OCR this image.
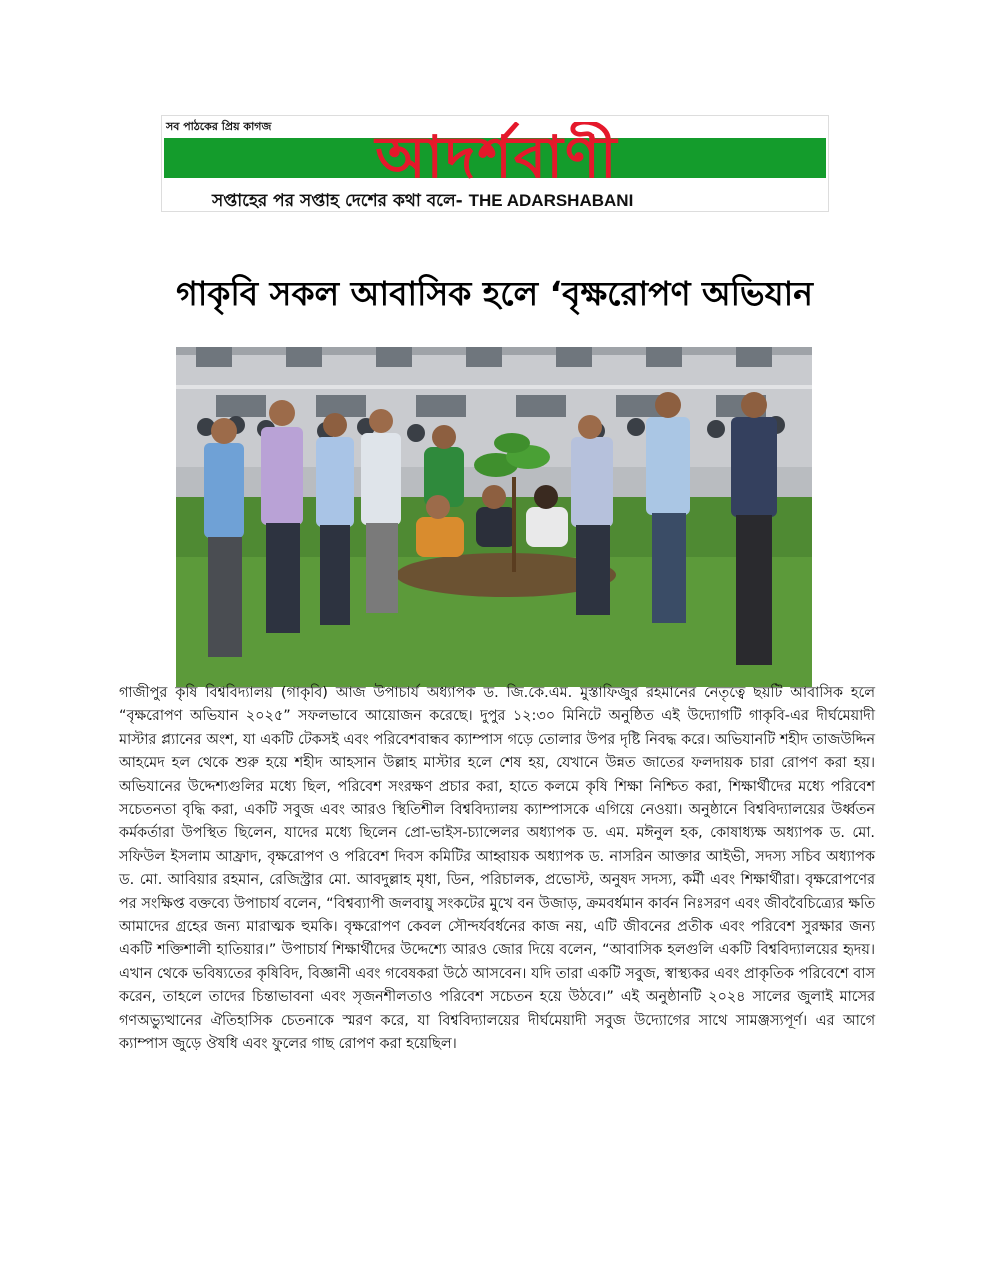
সব পাঠকের প্রিয় কাগজ	আদর্শবাণী
সপ্তাহের পর সপ্তাহ দেশের কথা বলে- THE ADARSHABANI
গাকৃবি সকল আবাসিক হলে ‘বৃক্ষরোপণ অভিযান

গাজীপুর কৃষি বিশ্ববিদ্যালয় (গাকৃবি) আজ উপাচার্য অধ্যাপক ড. জি.কে.এম. মুস্তাফিজুর রহমানের নেতৃত্বে ছয়টি আবাসিক হলে “বৃক্ষরোপণ অভিযান ২০২৫” সফলভাবে আয়োজন করেছে। দুপুর ১২:৩০ মিনিটে অনুষ্ঠিত এই উদ্যোগটি গাকৃবি-এর দীর্ঘমেয়াদী মাস্টার প্ল্যানের অংশ, যা একটি টেকসই এবং পরিবেশবান্ধব ক্যাম্পাস গড়ে তোলার উপর দৃষ্টি নিবদ্ধ করে। অভিযানটি শহীদ তাজউদ্দিন আহমেদ হল থেকে শুরু হয়ে শহীদ আহসান উল্লাহ মাস্টার হলে শেষ হয়, যেখানে উন্নত জাতের ফলদায়ক চারা রোপণ করা হয়। অভিযানের উদ্দেশ্যগুলির মধ্যে ছিল, পরিবেশ সংরক্ষণ প্রচার করা, হাতে কলমে কৃষি শিক্ষা নিশ্চিত করা, শিক্ষার্থীদের মধ্যে পরিবেশ সচেতনতা বৃদ্ধি করা, একটি সবুজ এবং আরও স্থিতিশীল বিশ্ববিদ্যালয় ক্যাম্পাসকে এগিয়ে নেওয়া। অনুষ্ঠানে বিশ্ববিদ্যালয়ের উর্ধ্বতন কর্মকর্তারা উপস্থিত ছিলেন, যাদের মধ্যে ছিলেন প্রো-ভাইস-চ্যান্সেলর অধ্যাপক ড. এম. মঈনুল হক, কোষাধ্যক্ষ অধ্যাপক ড. মো. সফিউল ইসলাম আফ্রাদ, বৃক্ষরোপণ ও পরিবেশ দিবস কমিটির আহ্বায়ক অধ্যাপক ড. নাসরিন আক্তার আইভী, সদস্য সচিব অধ্যাপক ড. মো. আবিয়ার রহমান, রেজিস্ট্রার মো. আবদুল্লাহ মৃধা, ডিন, পরিচালক, প্রভোস্ট, অনুষদ সদস্য, কর্মী এবং শিক্ষার্থীরা। বৃক্ষরোপণের পর সংক্ষিপ্ত বক্তব্যে উপাচার্য বলেন, “বিশ্বব্যাপী জলবায়ু সংকটের মুখে বন উজাড়, ক্রমবর্ধমান কার্বন নিঃসরণ এবং জীববৈচিত্র্যের ক্ষতি আমাদের গ্রহের জন্য মারাত্মক হুমকি। বৃক্ষরোপণ কেবল সৌন্দর্যবর্ধনের কাজ নয়, এটি জীবনের প্রতীক এবং পরিবেশ সুরক্ষার জন্য একটি শক্তিশালী হাতিয়ার।” উপাচার্য শিক্ষার্থীদের উদ্দেশ্যে আরও জোর দিয়ে বলেন, “আবাসিক হলগুলি একটি বিশ্ববিদ্যালয়ের হৃদয়। এখান থেকে ভবিষ্যতের কৃষিবিদ, বিজ্ঞানী এবং গবেষকরা উঠে আসবেন। যদি তারা একটি সবুজ, স্বাস্থ্যকর এবং প্রাকৃতিক পরিবেশে বাস করেন, তাহলে তাদের চিন্তাভাবনা এবং সৃজনশীলতাও পরিবেশ সচেতন হয়ে উঠবে।” এই অনুষ্ঠানটি ২০২৪ সালের জুলাই মাসের গণঅভ্যুত্থানের ঐতিহাসিক চেতনাকে স্মরণ করে, যা বিশ্ববিদ্যালয়ের দীর্ঘমেয়াদী সবুজ উদ্যোগের সাথে সামঞ্জস্যপূর্ণ। এর আগে ক্যাম্পাস জুড়ে ঔষধি এবং ফুলের গাছ রোপণ করা হয়েছিল।
